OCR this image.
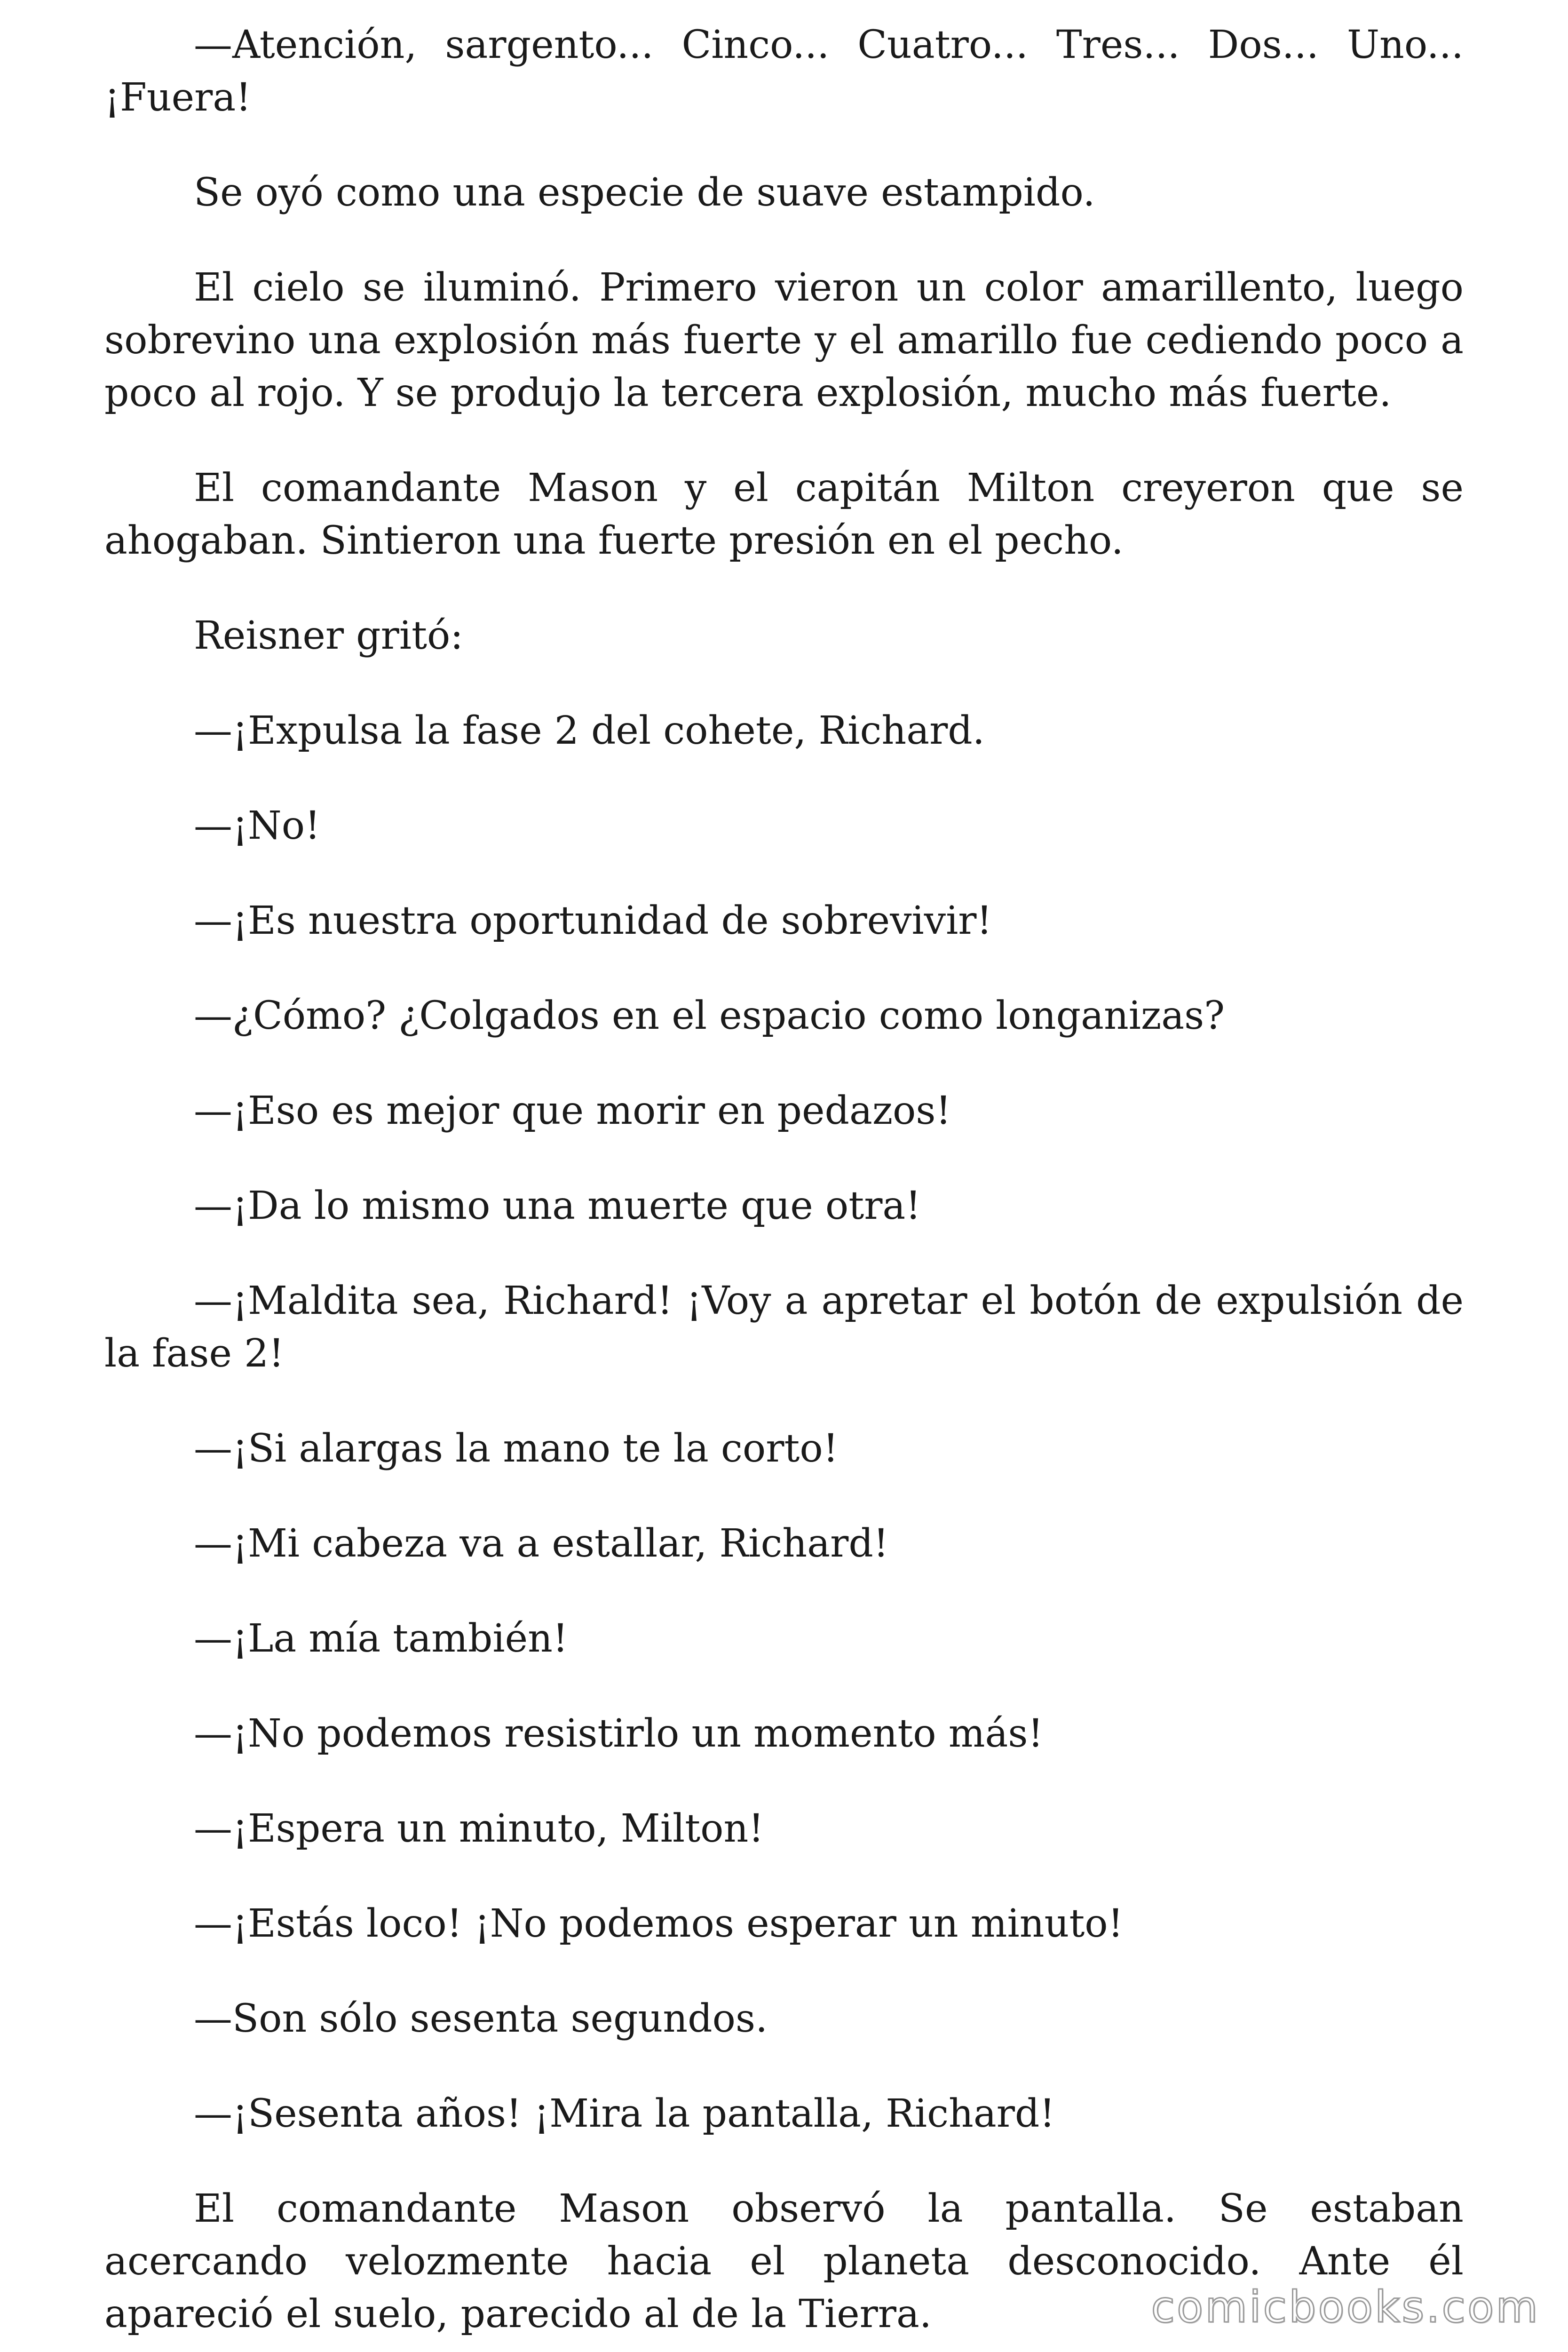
—Atención, sargento... Cinco... Cuatro... Tres... Dos... Uno... ¡Fuera!

Se oyó como una especie de suave estampido.

El cielo se iluminó. Primero vieron un color amarillento, luego sobrevino una explosión más fuerte y el amarillo fue cediendo poco a poco al rojo. Y se produjo la tercera explosión, mucho más fuerte.

El comandante Mason y el capitán Milton creyeron que se ahogaban. Sintieron una fuerte presión en el pecho.

Reisner gritó:

—¡Expulsa la fase 2 del cohete, Richard.

—¡No!

—¡Es nuestra oportunidad de sobrevivir!

—¿Cómo? ¿Colgados en el espacio como longanizas?

—¡Eso es mejor que morir en pedazos!

—¡Da lo mismo una muerte que otra!

—¡Maldita sea, Richard! ¡Voy a apretar el botón de expulsión de la fase 2!

—¡Si alargas la mano te la corto!

—¡Mi cabeza va a estallar, Richard!

—¡La mía también!

—¡No podemos resistirlo un momento más!

—¡Espera un minuto, Milton!

—¡Estás loco! ¡No podemos esperar un minuto!

—Son sólo sesenta segundos.

—¡Sesenta años! ¡Mira la pantalla, Richard!

El comandante Mason observó la pantalla. Se estaban acercando velozmente hacia el planeta desconocido. Ante él apareció el suelo, parecido al de la Tierra.	comicbooks.com
